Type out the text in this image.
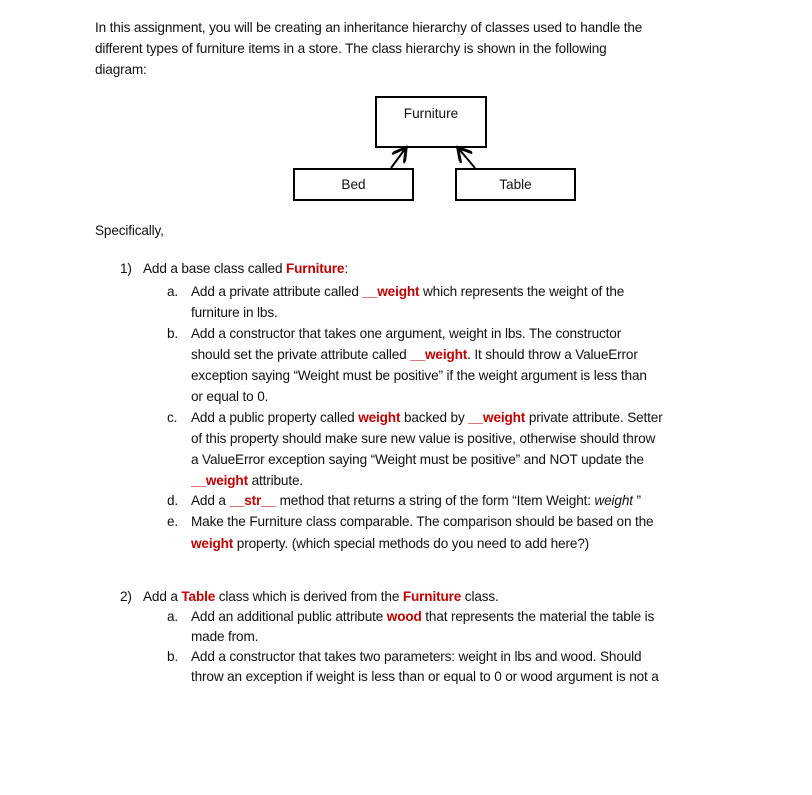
In this assignment, you will be creating an inheritance hierarchy of classes used to handle the
different types of furniture items in a store. The class hierarchy is shown in the following
diagram:
Furniture
Bed	Table
Specifically,
1) Add a base class called Furniture:
a. Add a private attribute called __weight which represents the weight of the
furniture in lbs.
b. Add a constructor that takes one argument, weight in lbs. The constructor
should set the private attribute called __weight. It should throw a ValueError
exception saying “Weight must be positive” if the weight argument is less than
or equal to 0.
c. Add a public property called weight backed by __weight private attribute. Setter
of this property should make sure new value is positive, otherwise should throw
a ValueError exception saying “Weight must be positive” and NOT update the
__weight attribute.
d. Add a __str__ method that returns a string of the form “Item Weight: weight ”
e. Make the Furniture class comparable. The comparison should be based on the
weight property. (which special methods do you need to add here?)
2) Add a Table class which is derived from the Furniture class.
a. Add an additional public attribute wood that represents the material the table is
made from.
b. Add a constructor that takes two parameters: weight in lbs and wood. Should
throw an exception if weight is less than or equal to 0 or wood argument is not a
